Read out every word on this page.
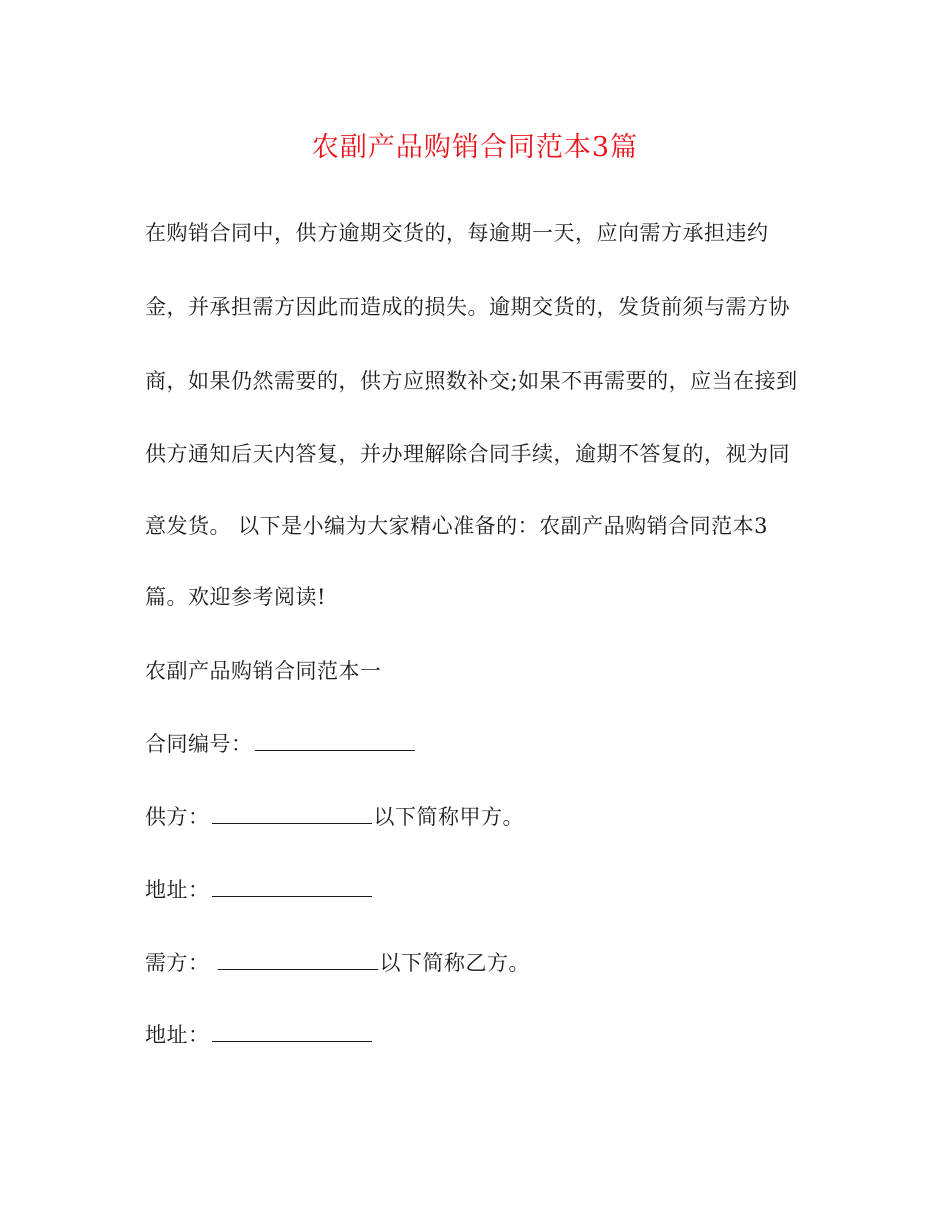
农副产品购销合同范本3篇
在购销合同中，供方逾期交货的，每逾期一天，应向需方承担违约
金，并承担需方因此而造成的损失。逾期交货的，发货前须与需方协
商，如果仍然需要的，供方应照数补交;如果不再需要的，应当在接到
供方通知后天内答复，并办理解除合同手续，逾期不答复的，视为同
意发货。 以下是小编为大家精心准备的：农副产品购销合同范本3
篇。欢迎参考阅读!
农副产品购销合同范本一
合同编号：
供方：	以下简称甲方。
地址：
需方：	以下简称乙方。
地址：
